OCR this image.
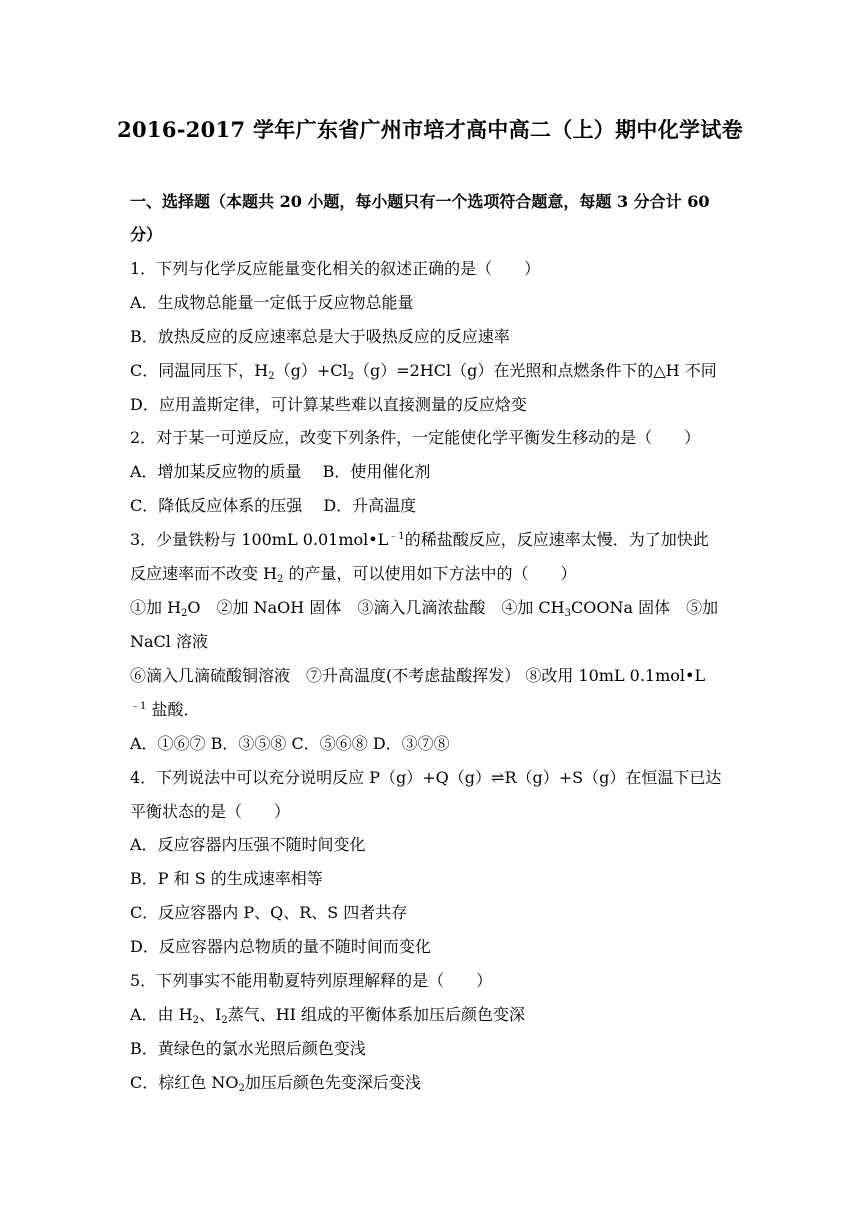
2016-2017 学年广东省广州市培才高中高二（上）期中化学试卷
一、选择题（本题共 20 小题，每小题只有一个选项符合题意，每题 3 分合计 60 分）
1．下列与化学反应能量变化相关的叙述正确的是（　　）
A．生成物总能量一定低于反应物总能量
B．放热反应的反应速率总是大于吸热反应的反应速率
C．同温同压下，$H_2(g)+Cl_2(g)=2HCl(g)$在光照和点燃条件下的△H 不同
D．应用盖斯定律，可计算某些难以直接测量的反应焓变
2．对于某一可逆反应，改变下列条件，一定能使化学平衡发生移动的是（　　）
A．增加某反应物的质量　 B．使用催化剂
C．降低反应体系的压强　 D．升高温度
3．少量铁粉与 100mL $0.01mol•L^{﹣1}$的稀盐酸反应，反应速率太慢．为了加快此
反应速率而不改变 $H_2$ 的产量，可以使用如下方法中的（　　）
①加 $H_2O$　②加 NaOH 固体　③滴入几滴浓盐酸　④加 $CH_3COONa$ 固体　⑤加
NaCl 溶液
⑥滴入几滴硫酸铜溶液　⑦升高温度(不考虑盐酸挥发） ⑧改用 10mL 0.1mol•L
$^{﹣1}$ 盐酸．
A．①⑥⑦ B．③⑤⑧ C．⑤⑥⑧ D．③⑦⑧
4．下列说法中可以充分说明反应 P（g）+Q（g）⇌R（g）+S（g）在恒温下已达
平衡状态的是（　　）
A．反应容器内压强不随时间变化
B．P 和 S 的生成速率相等
C．反应容器内 P、Q、R、S 四者共存
D．反应容器内总物质的量不随时间而变化
5．下列事实不能用勒夏特列原理解释的是（　　）
A．由 $H_2$、$I_2$蒸气、HI 组成的平衡体系加压后颜色变深
B．黄绿色的氯水光照后颜色变浅
C．棕红色 $NO_2$加压后颜色先变深后变浅
